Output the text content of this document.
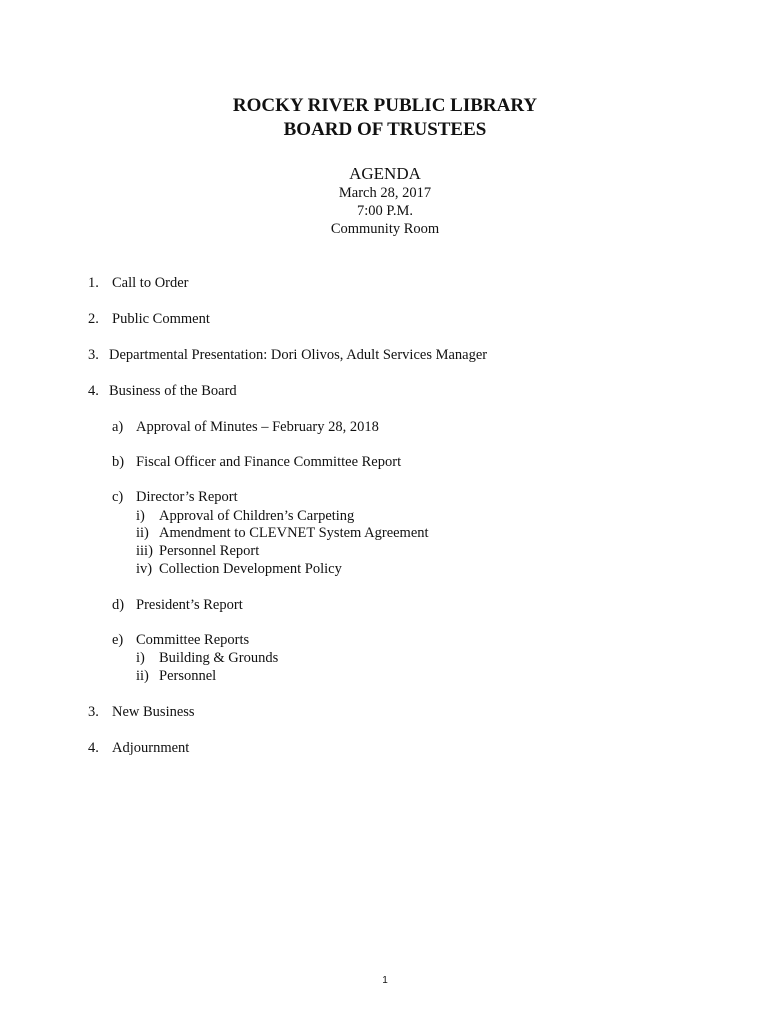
ROCKY RIVER PUBLIC LIBRARY
BOARD OF TRUSTEES
AGENDA
March 28, 2017
7:00 P.M.
Community Room
1. Call to Order
2. Public Comment
3. Departmental Presentation: Dori Olivos, Adult Services Manager
4. Business of the Board
a) Approval of Minutes – February 28, 2018
b) Fiscal Officer and Finance Committee Report
c) Director’s Report
i) Approval of Children’s Carpeting
ii) Amendment to CLEVNET System Agreement
iii) Personnel Report
iv) Collection Development Policy
d) President’s Report
e) Committee Reports
i) Building & Grounds
ii) Personnel
3. New Business
4. Adjournment
1
